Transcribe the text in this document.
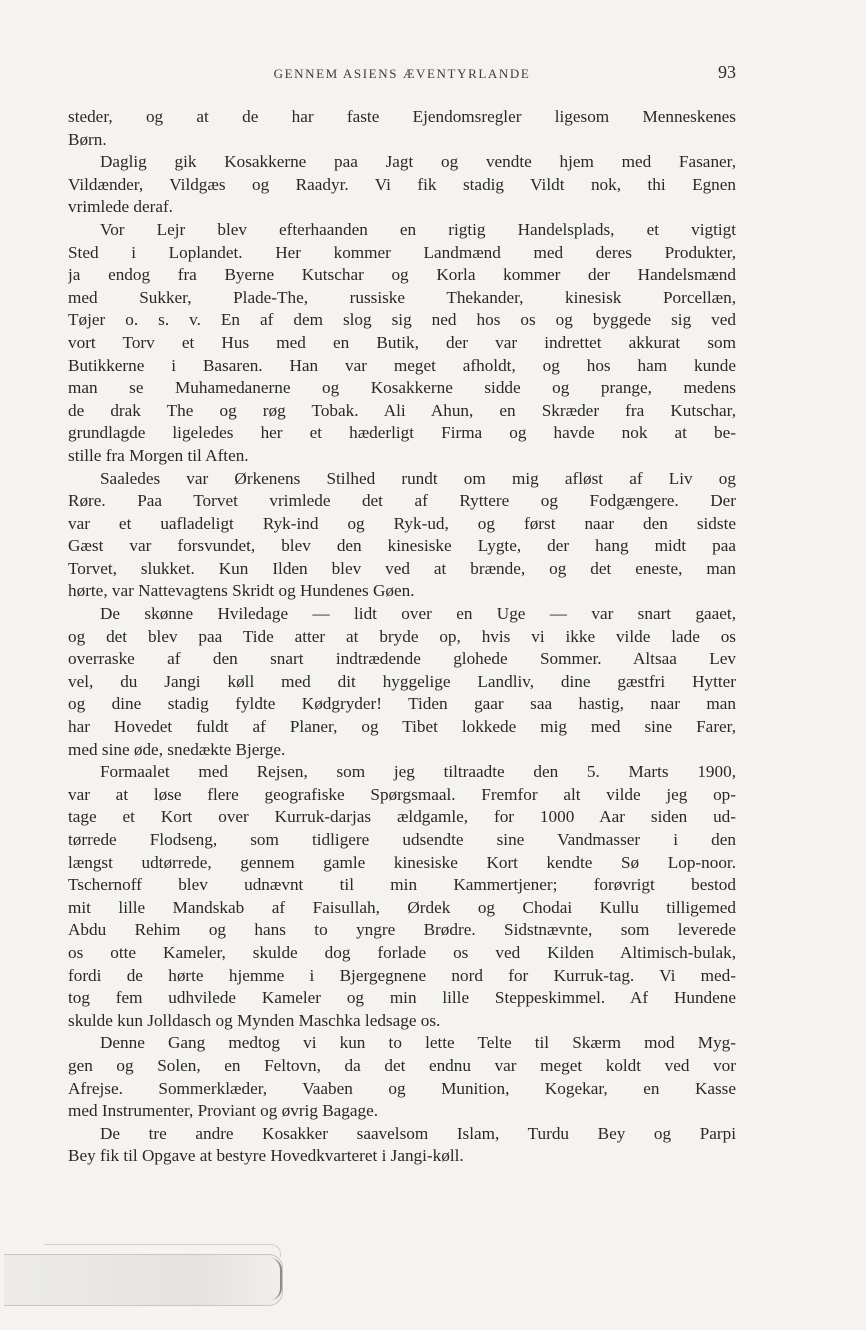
GENNEM ASIENS ÆVENTYRLANDE	93
steder, og at de har faste Ejendomsregler ligesom Menneskenes
Børn.
Daglig gik Kosakkerne paa Jagt og vendte hjem med Fasaner,
Vildænder, Vildgæs og Raadyr. Vi fik stadig Vildt nok, thi Egnen
vrimlede deraf.
Vor Lejr blev efterhaanden en rigtig Handelsplads, et vigtigt
Sted i Loplandet. Her kommer Landmænd med deres Produkter,
ja endog fra Byerne Kutschar og Korla kommer der Handelsmænd
med Sukker, Plade-The, russiske Thekander, kinesisk Porcellæn,
Tøjer o. s. v. En af dem slog sig ned hos os og byggede sig ved
vort Torv et Hus med en Butik, der var indrettet akkurat som
Butikkerne i Basaren. Han var meget afholdt, og hos ham kunde
man se Muhamedanerne og Kosakkerne sidde og prange, medens
de drak The og røg Tobak. Ali Ahun, en Skræder fra Kutschar,
grundlagde ligeledes her et hæderligt Firma og havde nok at be-
stille fra Morgen til Aften.
Saaledes var Ørkenens Stilhed rundt om mig afløst af Liv og
Røre. Paa Torvet vrimlede det af Ryttere og Fodgængere. Der
var et uafladeligt Ryk-ind og Ryk-ud, og først naar den sidste
Gæst var forsvundet, blev den kinesiske Lygte, der hang midt paa
Torvet, slukket. Kun Ilden blev ved at brænde, og det eneste, man
hørte, var Nattevagtens Skridt og Hundenes Gøen.
De skønne Hviledage — lidt over en Uge — var snart gaaet,
og det blev paa Tide atter at bryde op, hvis vi ikke vilde lade os
overraske af den snart indtrædende glohede Sommer. Altsaa Lev
vel, du Jangi køll med dit hyggelige Landliv, dine gæstfri Hytter
og dine stadig fyldte Kødgryder! Tiden gaar saa hastig, naar man
har Hovedet fuldt af Planer, og Tibet lokkede mig med sine Farer,
med sine øde, snedækte Bjerge.
Formaalet med Rejsen, som jeg tiltraadte den 5. Marts 1900,
var at løse flere geografiske Spørgsmaal. Fremfor alt vilde jeg op-
tage et Kort over Kurruk-darjas ældgamle, for 1000 Aar siden ud-
tørrede Flodseng, som tidligere udsendte sine Vandmasser i den
længst udtørrede, gennem gamle kinesiske Kort kendte Sø Lop-noor.
Tschernoff blev udnævnt til min Kammertjener; forøvrigt bestod
mit lille Mandskab af Faisullah, Ørdek og Chodai Kullu tilligemed
Abdu Rehim og hans to yngre Brødre. Sidstnævnte, som leverede
os otte Kameler, skulde dog forlade os ved Kilden Altimisch-bulak,
fordi de hørte hjemme i Bjergegnene nord for Kurruk-tag. Vi med-
tog fem udhvilede Kameler og min lille Steppeskimmel. Af Hundene
skulde kun Jolldasch og Mynden Maschka ledsage os.
Denne Gang medtog vi kun to lette Telte til Skærm mod Myg-
gen og Solen, en Feltovn, da det endnu var meget koldt ved vor
Afrejse. Sommerklæder, Vaaben og Munition, Kogekar, en Kasse
med Instrumenter, Proviant og øvrig Bagage.
De tre andre Kosakker saavelsom Islam, Turdu Bey og Parpi
Bey fik til Opgave at bestyre Hovedkvarteret i Jangi-køll.
